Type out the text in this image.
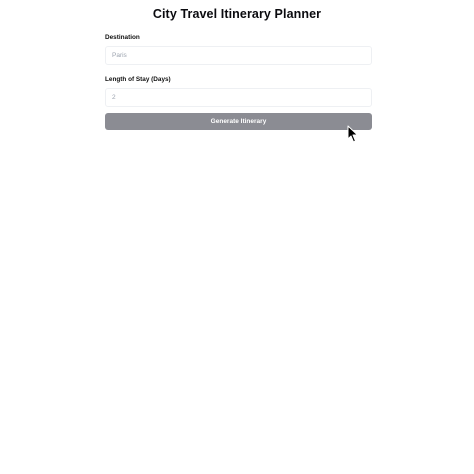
City Travel Itinerary Planner
Destination
Paris
Length of Stay (Days)
2
Generate Itinerary
